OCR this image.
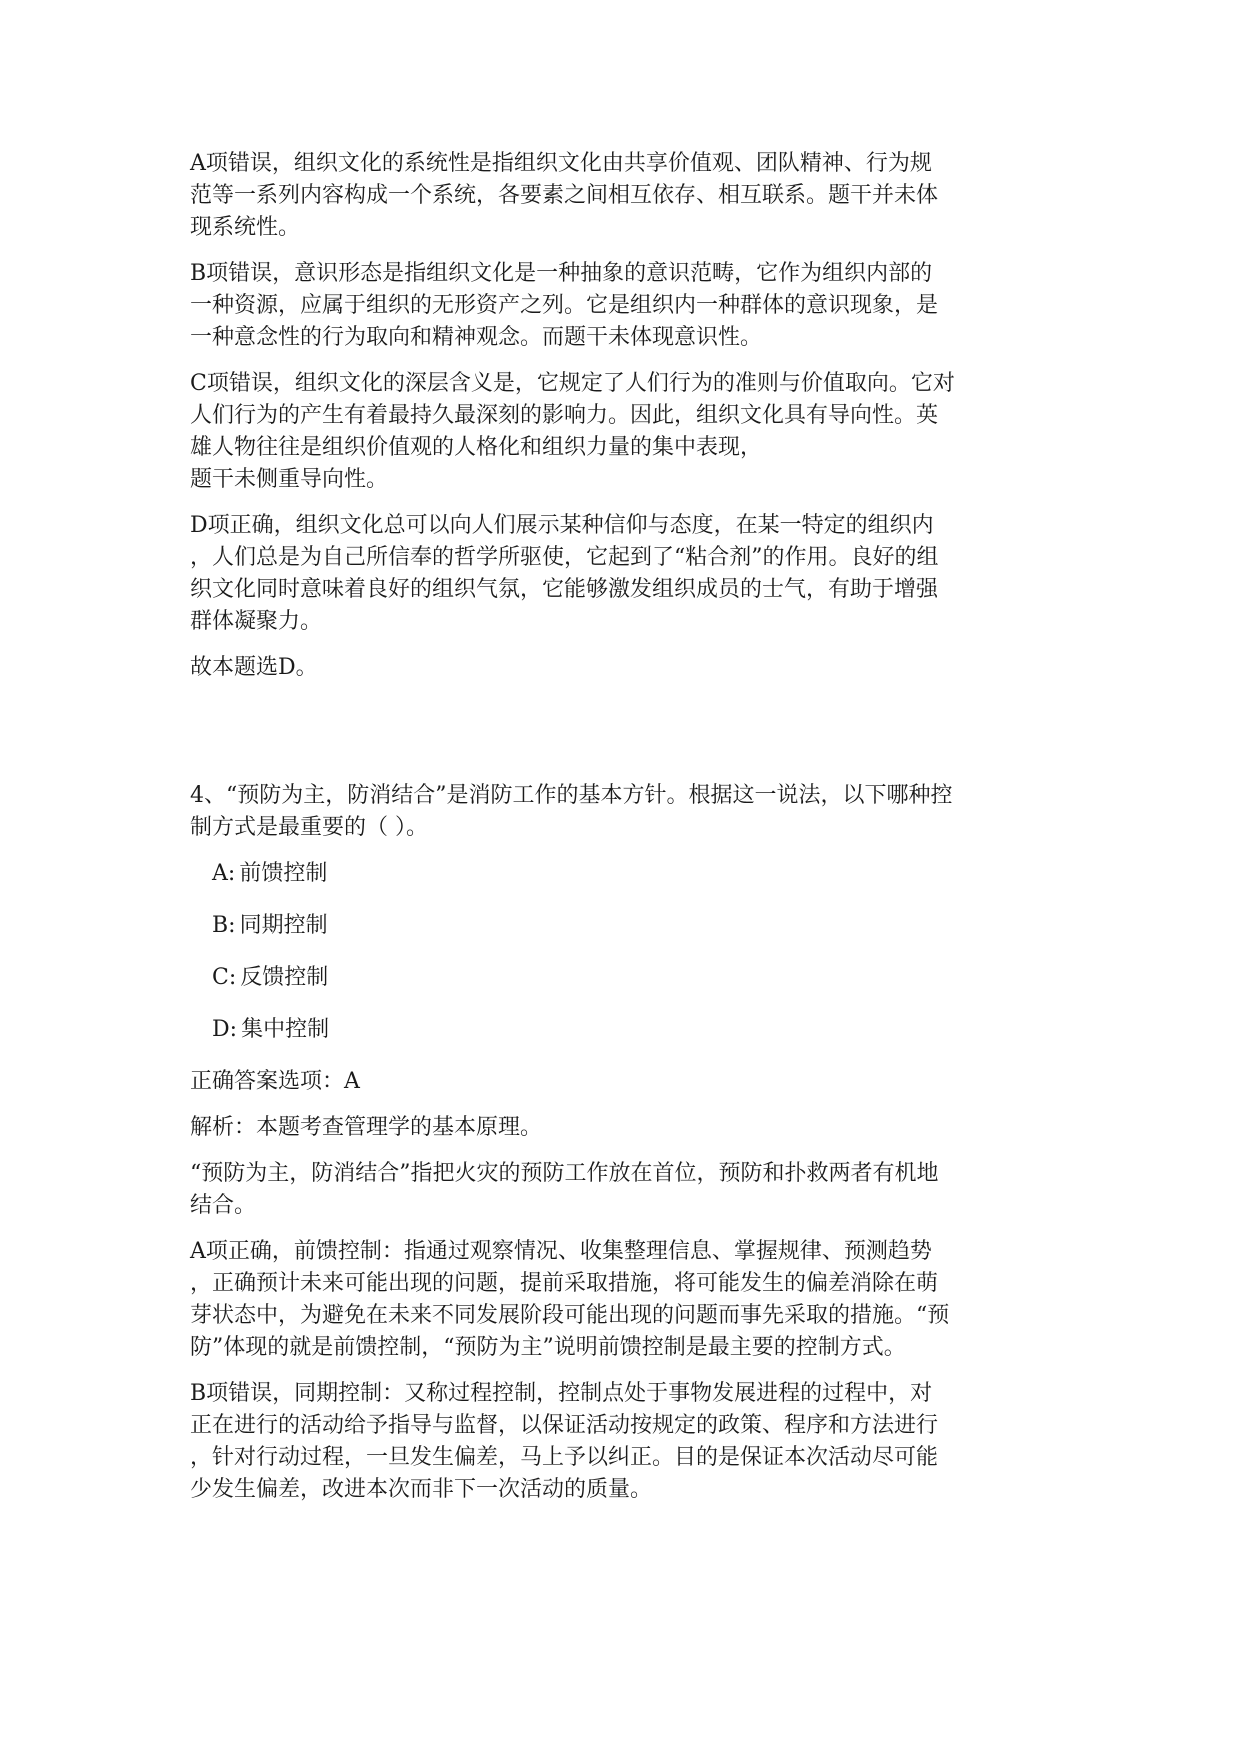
A项错误，组织文化的系统性是指组织文化由共享价值观、团队精神、行为规
范等一系列内容构成一个系统，各要素之间相互依存、相互联系。题干并未体
现系统性。
B项错误，意识形态是指组织文化是一种抽象的意识范畴，它作为组织内部的
一种资源，应属于组织的无形资产之列。它是组织内一种群体的意识现象，是
一种意念性的行为取向和精神观念。而题干未体现意识性。
C项错误，组织文化的深层含义是，它规定了人们行为的准则与价值取向。它对
人们行为的产生有着最持久最深刻的影响力。因此，组织文化具有导向性。英
雄人物往往是组织价值观的人格化和组织力量的集中表现，
题干未侧重导向性。
D项正确，组织文化总可以向人们展示某种信仰与态度，在某一特定的组织内
，人们总是为自己所信奉的哲学所驱使，它起到了“粘合剂”的作用。良好的组
织文化同时意味着良好的组织气氛，它能够激发组织成员的士气，有助于增强
群体凝聚力。
故本题选D。
4、“预防为主，防消结合”是消防工作的基本方针。根据这一说法，以下哪种控
制方式是最重要的（ ）。
A: 前馈控制
B: 同期控制
C: 反馈控制
D: 集中控制
正确答案选项：A
解析：本题考查管理学的基本原理。
“预防为主，防消结合”指把火灾的预防工作放在首位，预防和扑救两者有机地
结合。
A项正确，前馈控制：指通过观察情况、收集整理信息、掌握规律、预测趋势
，正确预计未来可能出现的问题，提前采取措施，将可能发生的偏差消除在萌
芽状态中，为避免在未来不同发展阶段可能出现的问题而事先采取的措施。“预
防”体现的就是前馈控制，“预防为主”说明前馈控制是最主要的控制方式。
B项错误，同期控制：又称过程控制，控制点处于事物发展进程的过程中，对
正在进行的活动给予指导与监督，以保证活动按规定的政策、程序和方法进行
，针对行动过程，一旦发生偏差，马上予以纠正。目的是保证本次活动尽可能
少发生偏差，改进本次而非下一次活动的质量。
